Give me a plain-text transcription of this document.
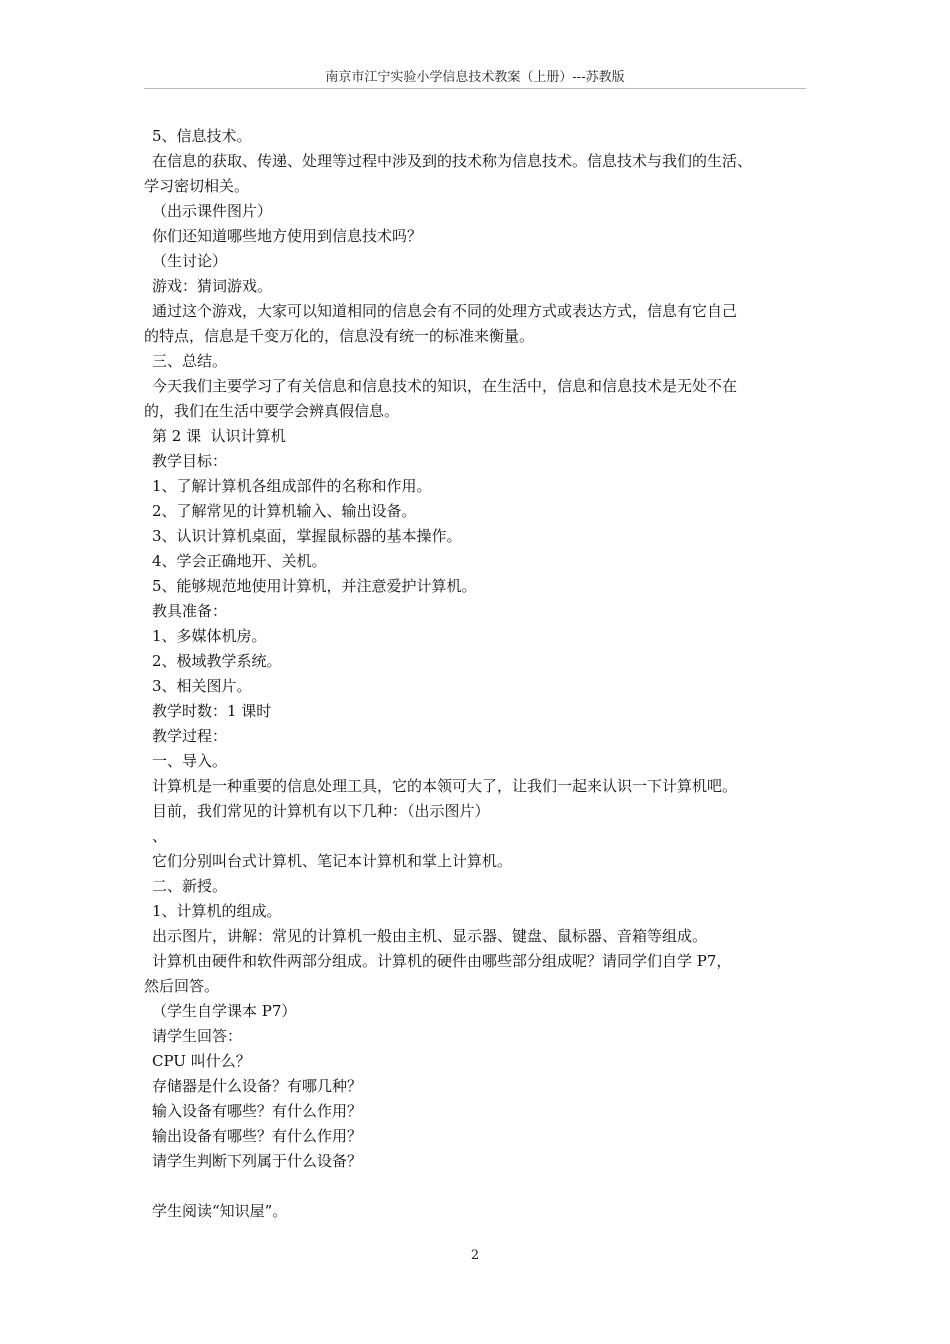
南京市江宁实验小学信息技术教案（上册）---苏教版

5、信息技术。

在信息的获取、传递、处理等过程中涉及到的技术称为信息技术。信息技术与我们的生活、

学习密切相关。

（出示课件图片）

你们还知道哪些地方使用到信息技术吗？

（生讨论）

游戏：猜词游戏。

通过这个游戏，大家可以知道相同的信息会有不同的处理方式或表达方式，信息有它自己

的特点，信息是千变万化的，信息没有统一的标准来衡量。

三、总结。

今天我们主要学习了有关信息和信息技术的知识，在生活中，信息和信息技术是无处不在

的，我们在生活中要学会辨真假信息。

第 2 课  认识计算机

教学目标：

1、了解计算机各组成部件的名称和作用。

2、了解常见的计算机输入、输出设备。

3、认识计算机桌面，掌握鼠标器的基本操作。

4、学会正确地开、关机。

5、能够规范地使用计算机，并注意爱护计算机。

教具准备：

1、多媒体机房。

2、极域教学系统。

3、相关图片。

教学时数：1 课时

教学过程：

一、导入。

计算机是一种重要的信息处理工具，它的本领可大了，让我们一起来认识一下计算机吧。

目前，我们常见的计算机有以下几种：（出示图片）

、

它们分别叫台式计算机、笔记本计算机和掌上计算机。

二、新授。

1、计算机的组成。

出示图片，讲解：常见的计算机一般由主机、显示器、键盘、鼠标器、音箱等组成。

计算机由硬件和软件两部分组成。计算机的硬件由哪些部分组成呢？请同学们自学 P7，

然后回答。

（学生自学课本 P7）

请学生回答：

CPU 叫什么？

存储器是什么设备？有哪几种？

输入设备有哪些？有什么作用？

输出设备有哪些？有什么作用？

请学生判断下列属于什么设备？

学生阅读“知识屋”。

2
